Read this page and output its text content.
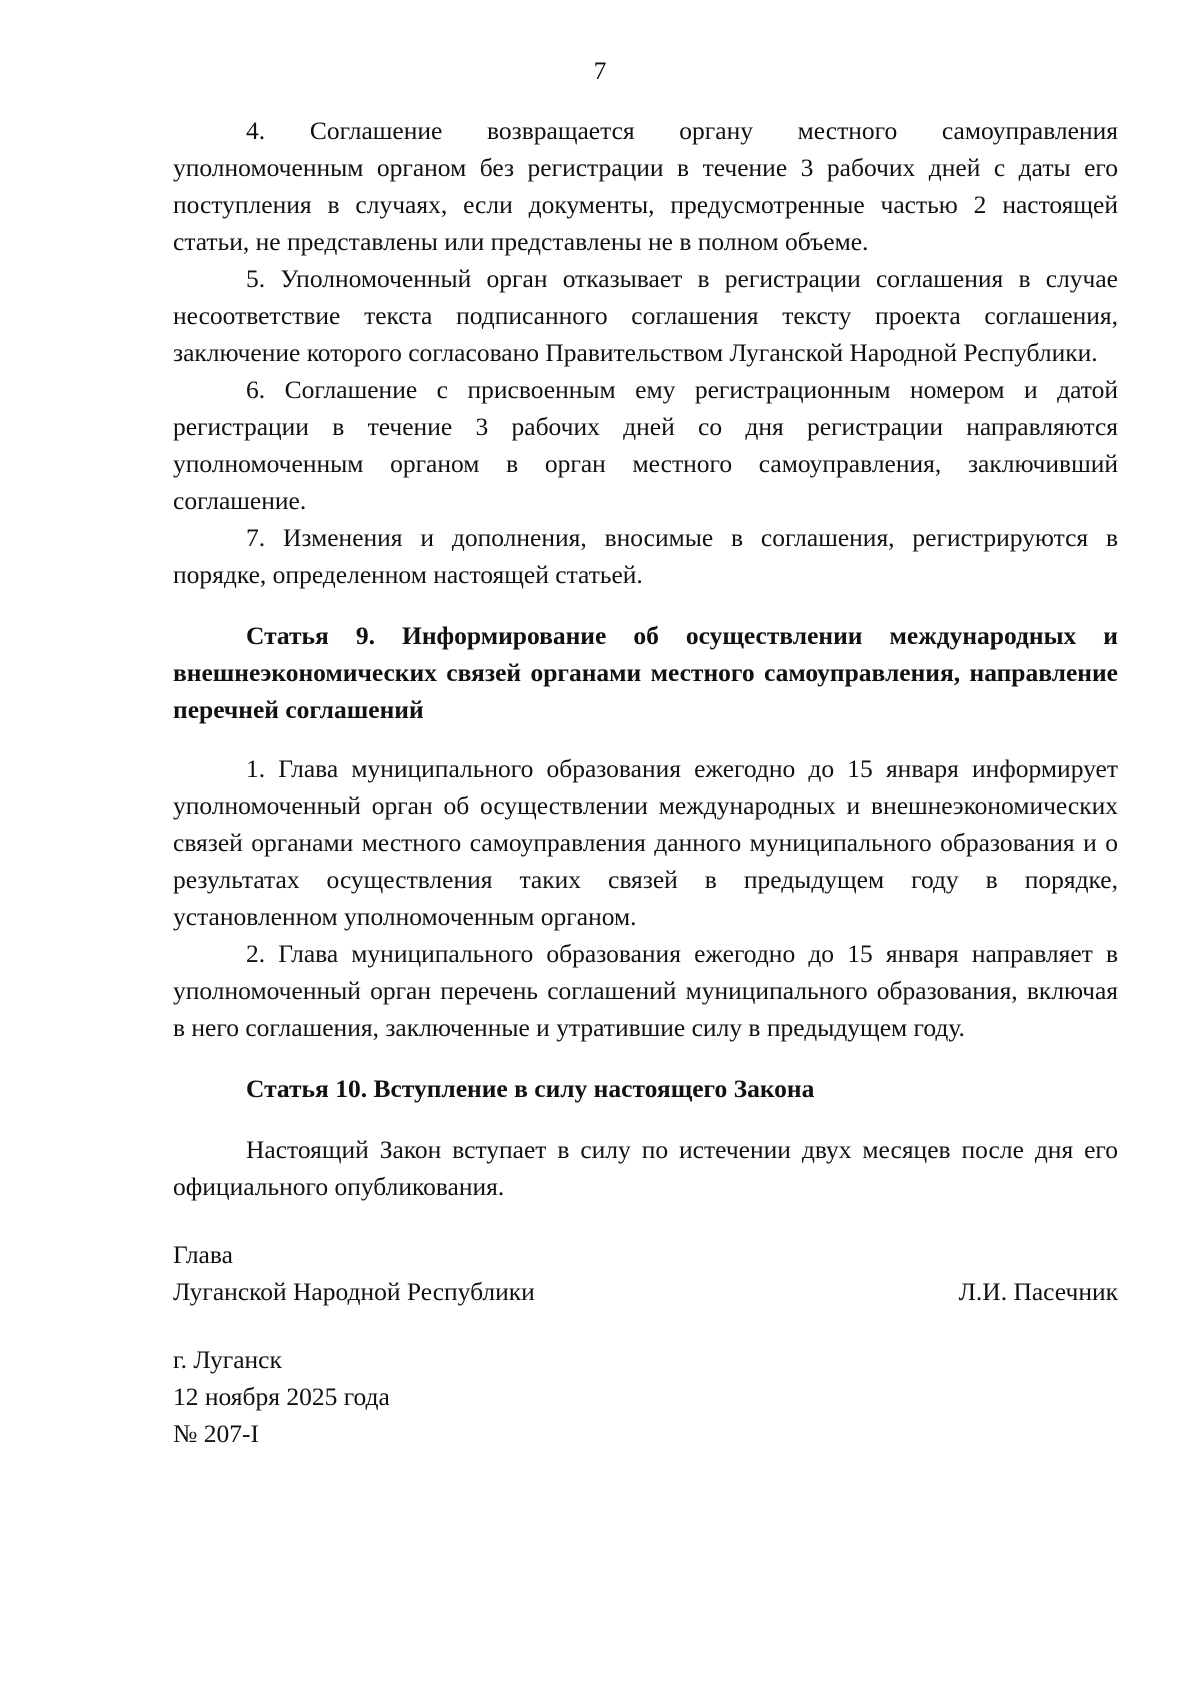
7

4. Соглашение возвращается органу местного самоуправления уполномоченным органом без регистрации в течение 3 рабочих дней с даты его поступления в случаях, если документы, предусмотренные частью 2 настоящей статьи, не представлены или представлены не в полном объеме.

5. Уполномоченный орган отказывает в регистрации соглашения в случае несоответствие текста подписанного соглашения тексту проекта соглашения, заключение которого согласовано Правительством Луганской Народной Республики.

6. Соглашение с присвоенным ему регистрационным номером и датой регистрации в течение 3 рабочих дней со дня регистрации направляются уполномоченным органом в орган местного самоуправления, заключивший соглашение.

7. Изменения и дополнения, вносимые в соглашения, регистрируются в порядке, определенном настоящей статьей.

Статья 9. Информирование об осуществлении международных и внешнеэкономических связей органами местного самоуправления, направление перечней соглашений

1. Глава муниципального образования ежегодно до 15 января информирует уполномоченный орган об осуществлении международных и внешнеэкономических связей органами местного самоуправления данного муниципального образования и о результатах осуществления таких связей в предыдущем году в порядке, установленном уполномоченным органом.

2. Глава муниципального образования ежегодно до 15 января направляет в уполномоченный орган перечень соглашений муниципального образования, включая в него соглашения, заключенные и утратившие силу в предыдущем году.

Статья 10. Вступление в силу настоящего Закона

Настоящий Закон вступает в силу по истечении двух месяцев после дня его официального опубликования.

Глава
Луганской Народной Республики	Л.И. Пасечник
г. Луганск
12 ноября 2025 года
№ 207-I
